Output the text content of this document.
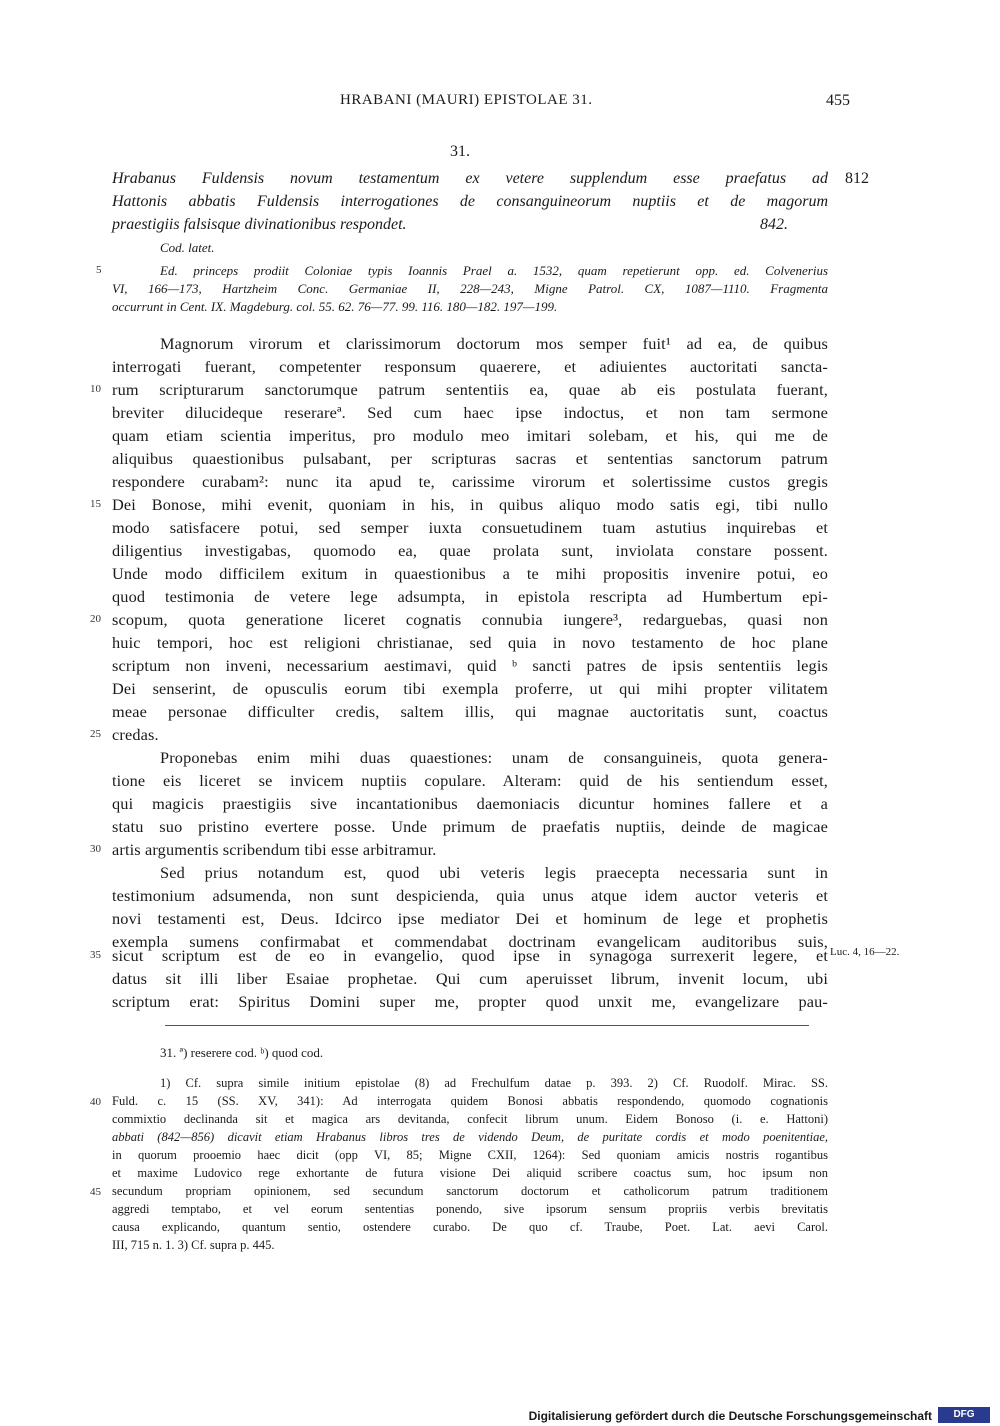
HRABANI (MAURI) EPISTOLAE 31.	455
31.
812
Hrabanus Fuldensis novum testamentum ex vetere supplendum esse praefatus ad
Hattonis abbatis Fuldensis interrogationes de consanguineorum nuptiis et de magorum
praestigiis falsisque divinationibus respondet.	842.
Cod. latet.
5	Ed. princeps prodiit Coloniae typis Ioannis Prael a. 1532, quam repetierunt opp. ed. Colvenerius
VI, 166—173, Hartzheim Conc. Germaniae II, 228—243, Migne Patrol. CX, 1087—1110. Fragmenta
occurrunt in Cent. IX. Magdeburg. col. 55. 62. 76—77. 99. 116. 180—182. 197—199.
Magnorum virorum et clarissimorum doctorum mos semper fuit¹ ad ea, de quibus
interrogati fuerant, competenter responsum quaerere, et adiuientes auctoritati sancta-
10 rum scripturarum sanctorumque patrum sententiis ea, quae ab eis postulata fuerant,
breviter dilucideque reserareª. Sed cum haec ipse indoctus, et non tam sermone
quam etiam scientia imperitus, pro modulo meo imitari solebam, et his, qui me de
aliquibus quaestionibus pulsabant, per scripturas sacras et sententias sanctorum patrum
respondere curabam²: nunc ita apud te, carissime virorum et solertissime custos gregis
15 Dei Bonose, mihi evenit, quoniam in his, in quibus aliquo modo satis egi, tibi nullo
modo satisfacere potui, sed semper iuxta consuetudinem tuam astutius inquirebas et
diligentius investigabas, quomodo ea, quae prolata sunt, inviolata constare possent.
Unde modo difficilem exitum in quaestionibus a te mihi propositis invenire potui, eo
quod testimonia de vetere lege adsumpta, in epistola rescripta ad Humbertum epi-
20 scopum, quota generatione liceret cognatis connubia iungere³, redarguebas, quasi non
huic tempori, hoc est religioni christianae, sed quia in novo testamento de hoc plane
scriptum non inveni, necessarium aestimavi, quid ᵇ sancti patres de ipsis sententiis legis
Dei senserint, de opusculis eorum tibi exempla proferre, ut qui mihi propter vilitatem
meae personae difficulter credis, saltem illis, qui magnae auctoritatis sunt, coactus
25 credas.
Proponebas enim mihi duas quaestiones: unam de consanguineis, quota genera-
tione eis liceret se invicem nuptiis copulare. Alteram: quid de his sentiendum esset,
qui magicis praestigiis sive incantationibus daemoniacis dicuntur homines fallere et a
statu suo pristino evertere posse. Unde primum de praefatis nuptiis, deinde de magicae
30 artis argumentis scribendum tibi esse arbitramur.
Sed prius notandum est, quod ubi veteris legis praecepta necessaria sunt in
testimonium adsumenda, non sunt despicienda, quia unus atque idem auctor veteris et
novi testamenti est, Deus. Idcirco ipse mediator Dei et hominum de lege et prophetis
exempla sumens confirmabat et commendabat doctrinam evangelicam auditoribus suis,
35 sicut scriptum est de eo in evangelio, quod ipse in synagoga surrexerit legere, et Luc. 4, 16—22.
datus sit illi liber Esaiae prophetae. Qui cum aperuisset librum, invenit locum, ubi
scriptum erat: Spiritus Domini super me, propter quod unxit me, evangelizare pau-
31. ª) reserere cod. ᵇ) quod cod.
1) Cf. supra simile initium epistolae (8) ad Frechulfum datae p. 393. 2) Cf. Ruodolf. Mirac. SS.
40 Fuld. c. 15 (SS. XV, 341): Ad interrogata quidem Bonosi abbatis respondendo, quomodo cognationis
commixtio declinanda sit et magica ars devitanda, confecit librum unum. Eidem Bonoso (i. e. Hattoni)
abbati (842—856) dicavit etiam Hrabanus libros tres de videndo Deum, de puritate cordis et modo poenitentiae,
in quorum prooemio haec dicit (opp VI, 85; Migne CXII, 1264): Sed quoniam amicis nostris rogantibus
et maxime Ludovico rege exhortante de futura visione Dei aliquid scribere coactus sum, hoc ipsum non
45 secundum propriam opinionem, sed secundum sanctorum doctorum et catholicorum patrum traditionem
aggredi temptabo, et vel eorum sententias ponendo, sive ipsorum sensum propriis verbis brevitatis
causa explicando, quantum sentio, ostendere curabo. De quo cf. Traube, Poet. Lat. aevi Carol.
III, 715 n. 1. 3) Cf. supra p. 445.
Digitalisierung gefördert durch die Deutsche Forschungsgemeinschaft	DFG
